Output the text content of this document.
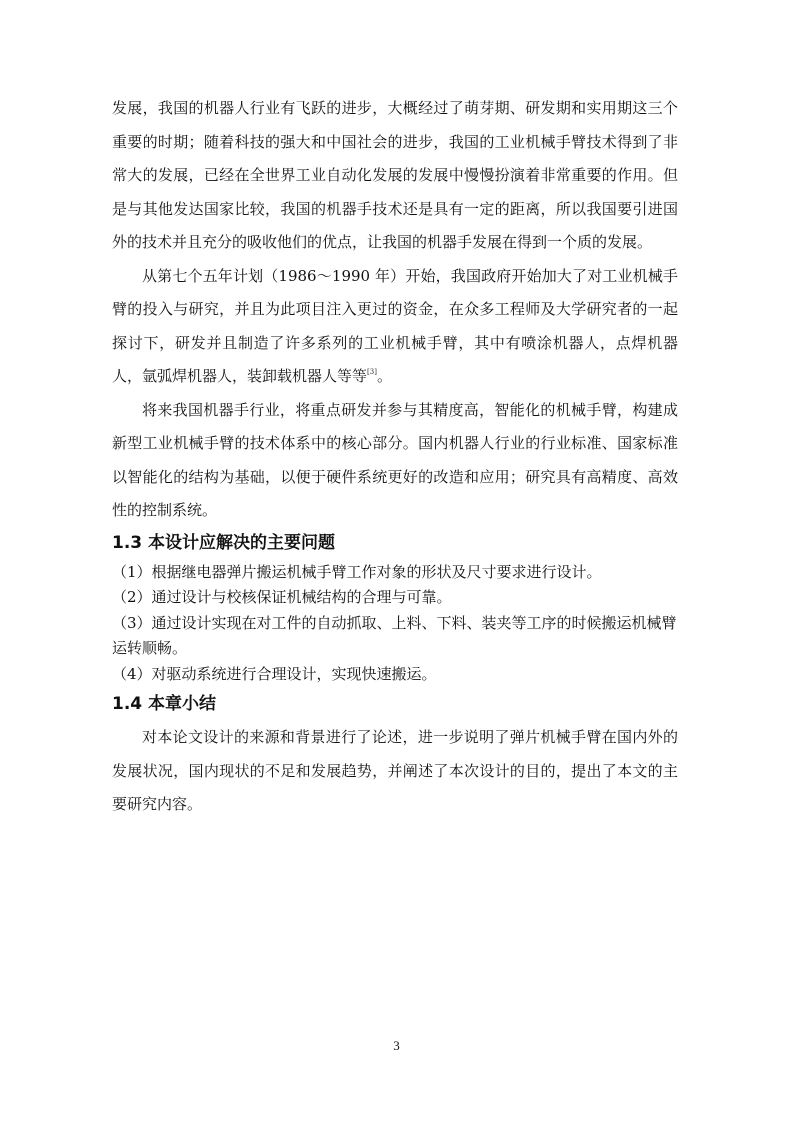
发展，我国的机器人行业有飞跃的进步，大概经过了萌芽期、研发期和实用期这三个重要的时期；随着科技的强大和中国社会的进步，我国的工业机械手臂技术得到了非常大的发展，已经在全世界工业自动化发展的发展中慢慢扮演着非常重要的作用。但是与其他发达国家比较，我国的机器手技术还是具有一定的距离，所以我国要引进国外的技术并且充分的吸收他们的优点，让我国的机器手发展在得到一个质的发展。

从第七个五年计划（1986～1990 年）开始，我国政府开始加大了对工业机械手臂的投入与研究，并且为此项目注入更过的资金，在众多工程师及大学研究者的一起探讨下，研发并且制造了许多系列的工业机械手臂，其中有喷涂机器人，点焊机器人，氩弧焊机器人，装卸载机器人等等[3]。

将来我国机器手行业，将重点研发并参与其精度高，智能化的机械手臂，构建成新型工业机械手臂的技术体系中的核心部分。国内机器人行业的行业标准、国家标准以智能化的结构为基础，以便于硬件系统更好的改造和应用；研究具有高精度、高效性的控制系统。

1.3 本设计应解决的主要问题
（1）根据继电器弹片搬运机械手臂工作对象的形状及尺寸要求进行设计。
（2）通过设计与校核保证机械结构的合理与可靠。
（3）通过设计实现在对工件的自动抓取、上料、下料、装夹等工序的时候搬运机械臂运转顺畅。
（4）对驱动系统进行合理设计，实现快速搬运。
1.4 本章小结

对本论文设计的来源和背景进行了论述，进一步说明了弹片机械手臂在国内外的发展状况，国内现状的不足和发展趋势，并阐述了本次设计的目的，提出了本文的主要研究内容。

3
